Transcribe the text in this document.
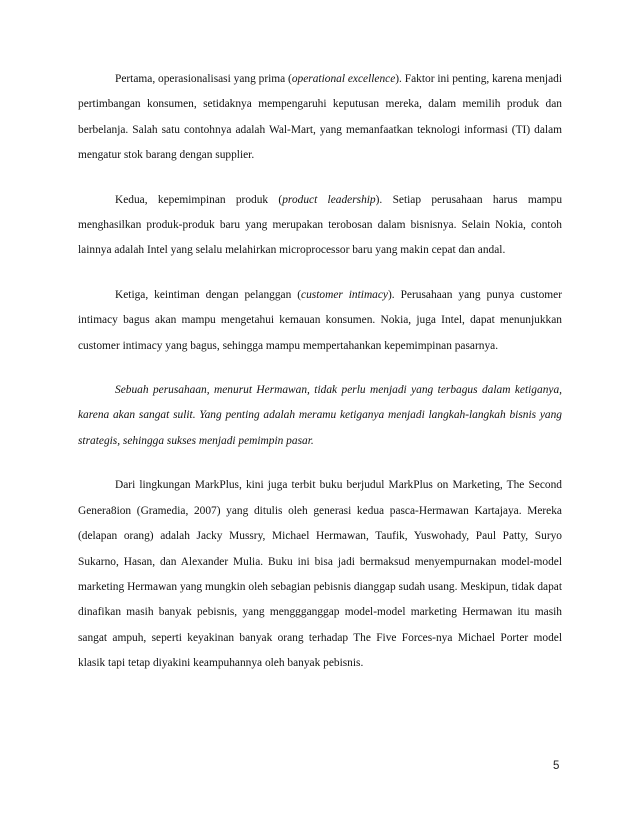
Pertama, operasionalisasi yang prima (operational excellence). Faktor ini penting, karena menjadi pertimbangan konsumen, setidaknya mempengaruhi keputusan mereka, dalam memilih produk dan berbelanja. Salah satu contohnya adalah Wal-Mart, yang memanfaatkan teknologi informasi (TI) dalam mengatur stok barang dengan supplier.

Kedua, kepemimpinan produk (product leadership). Setiap perusahaan harus mampu menghasilkan produk-produk baru yang merupakan terobosan dalam bisnisnya. Selain Nokia, contoh lainnya adalah Intel yang selalu melahirkan microprocessor baru yang makin cepat dan andal.

Ketiga, keintiman dengan pelanggan (customer intimacy). Perusahaan yang punya customer intimacy bagus akan mampu mengetahui kemauan konsumen. Nokia, juga Intel, dapat menunjukkan customer intimacy yang bagus, sehingga mampu mempertahankan kepemimpinan pasarnya.

Sebuah perusahaan, menurut Hermawan, tidak perlu menjadi yang terbagus dalam ketiganya, karena akan sangat sulit. Yang penting adalah meramu ketiganya menjadi langkah-langkah bisnis yang strategis, sehingga sukses menjadi pemimpin pasar.

Dari lingkungan MarkPlus, kini juga terbit buku berjudul MarkPlus on Marketing, The Second Genera8ion (Gramedia, 2007) yang ditulis oleh generasi kedua pasca-Hermawan Kartajaya. Mereka (delapan orang) adalah Jacky Mussry, Michael Hermawan, Taufik, Yuswohady, Paul Patty, Suryo Sukarno, Hasan, dan Alexander Mulia. Buku ini bisa jadi bermaksud menyempurnakan model-model marketing Hermawan yang mungkin oleh sebagian pebisnis dianggap sudah usang. Meskipun, tidak dapat dinafikan masih banyak pebisnis, yang menggganggap model-model marketing Hermawan itu masih sangat ampuh, seperti keyakinan banyak orang terhadap The Five Forces-nya Michael Porter model klasik tapi tetap diyakini keampuhannya oleh banyak pebisnis.

5
